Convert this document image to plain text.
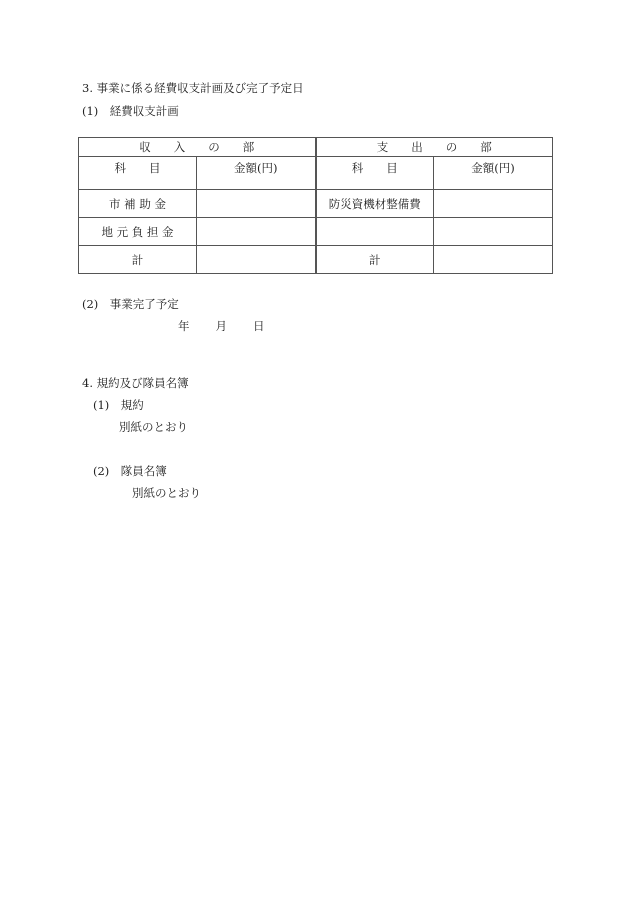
3. 事業に係る経費収支計画及び完了予定日
(1)　経費収支計画
収　　入　　の　　部		支　　出　　の　　部	
科　　目	金額(円)	科　　目	金額(円)
市 補 助 金		防災資機材整備費	
地 元 負 担 金			
計		計	
(2)　事業完了予定
年 月 日
4. 規約及び隊員名簿
(1)　規約
別紙のとおり
(2)　隊員名簿
別紙のとおり
